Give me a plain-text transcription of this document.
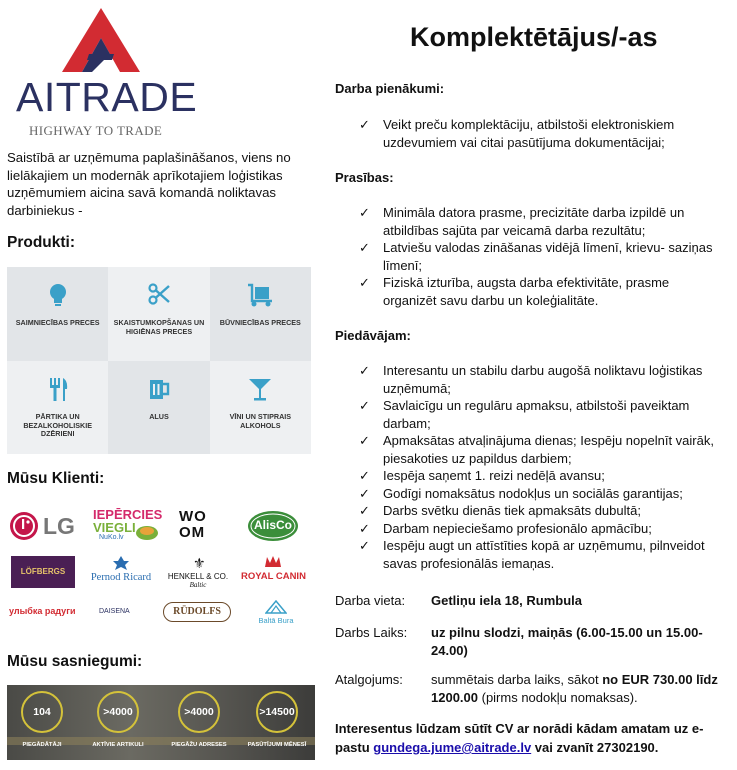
AITRADE
HIGHWAY TO TRADE
Saistībā ar uzņēmuma paplašināšanos, viens no lielākajiem un modernāk aprīkotajiem loģistikas uzņēmumiem aicina savā komandā noliktavas darbiniekus -
Produkti:
SAIMNIECĪBAS PRECES	SKAISTUMKOPŠANAS UN HIGIĒNAS PRECES
BŪVNIECĪBAS PRECES
PĀRTIKA UN BEZALKOHOLISKIE DZĒRIENI
ALUS	VĪNI UN STIPRAIS ALKOHOLS
Mūsu Klienti:
LG IEPĒRCIES
VIEGLI
NuKo.lv
WO
OM	AlisCo
LÖFBERGS
Pernod Ricard
⚜
HENKELL & CO.
Baltic
ROYAL CANIN
улыбка радуги	DAISENA	RŪDOLFS
Baltā Bura
Mūsu sasniegumi:
104
PIEGĀDĀTĀJI
>4000
AKTĪVIE ARTIKULI
>4000
PIEGĀŽU ADRESES
>14500
PASŪTĪJUMI MĒNESĪ
Komplektētājus/-as
Darba pienākumi:
✓ Veikt preču komplektāciju, atbilstoši elektroniskiem uzdevumiem vai citai pasūtījuma dokumentācijai;
Prasības:
✓ Minimāla datora prasme, precizitāte darba izpildē un atbildības sajūta par veicamā darba rezultātu;
✓ Latviešu valodas zināšanas vidējā līmenī, krievu- saziņas līmenī;
✓ Fiziskā izturība, augsta darba efektivitāte, prasme organizēt savu darbu un koleģialitāte.
Piedāvājam:
✓ Interesantu un stabilu darbu augošā noliktavu loģistikas uzņēmumā;
✓ Savlaicīgu un regulāru apmaksu, atbilstoši paveiktam darbam;
✓ Apmaksātas atvaļinājuma dienas; Iespēju nopelnīt vairāk, piesakoties uz papildus darbiem;
✓ Iespēja saņemt 1. reizi nedēļā avansu;
✓ Godīgi nomaksātus nodokļus un sociālās garantijas;
✓ Darbs svētku dienās tiek apmaksāts dubultā;
✓ Darbam nepieciešamo profesionālo apmācību;
✓ Iespēju augt un attīstīties kopā ar uzņēmumu, pilnveidot savas profesionālās iemaņas.
Darba vieta: Getliņu iela 18, Rumbula
Darbs Laiks: uz pilnu slodzi, maiņās (6.00-15.00 un 15.00-24.00)
Atalgojums: summētais darba laiks, sākot no EUR 730.00 līdz 1200.00 (pirms nodokļu nomaksas).
Interesentus lūdzam sūtīt CV ar norādi kādam amatam uz e-pastu gundega.jume@aitrade.lv vai zvanīt 27302190.
